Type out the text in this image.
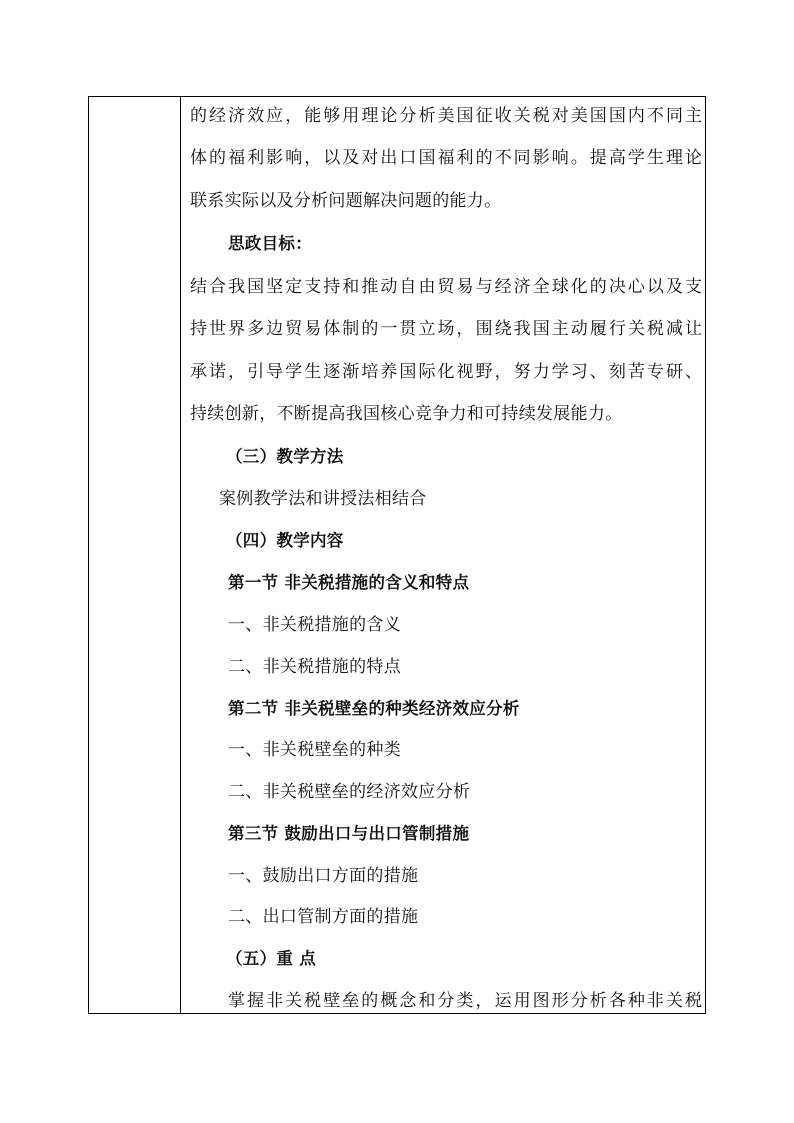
的经济效应，能够用理论分析美国征收关税对美国国内不同主
体的福利影响，以及对出口国福利的不同影响。提高学生理论
联系实际以及分析问题解决问题的能力。
思政目标：
结合我国坚定支持和推动自由贸易与经济全球化的决心以及支
持世界多边贸易体制的一贯立场，围绕我国主动履行关税减让
承诺，引导学生逐渐培养国际化视野，努力学习、刻苦专研、
持续创新，不断提高我国核心竞争力和可持续发展能力。
（三）教学方法
案例教学法和讲授法相结合
（四）教学内容
第一节 非关税措施的含义和特点
一、非关税措施的含义
二、非关税措施的特点
第二节 非关税壁垒的种类经济效应分析
一、非关税壁垒的种类
二、非关税壁垒的经济效应分析
第三节 鼓励出口与出口管制措施
一、鼓励出口方面的措施
二、出口管制方面的措施
（五）重 点
掌握非关税壁垒的概念和分类，运用图形分析各种非关税
